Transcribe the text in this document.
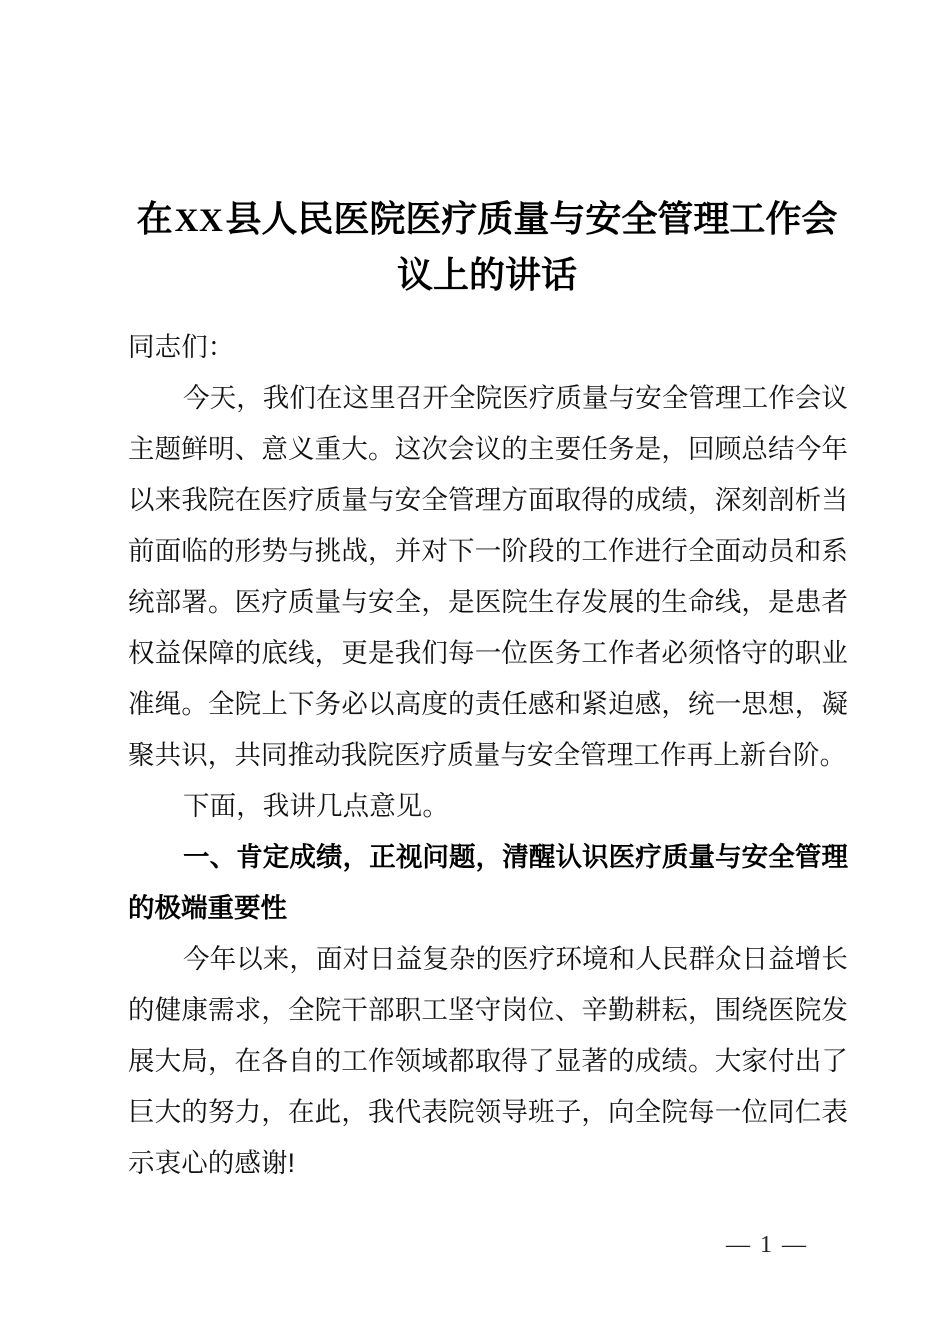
在XX县人民医院医疗质量与安全管理工作会议上的讲话

同志们：

今天，我们在这里召开全院医疗质量与安全管理工作会议主题鲜明、意义重大。这次会议的主要任务是，回顾总结今年以来我院在医疗质量与安全管理方面取得的成绩，深刻剖析当前面临的形势与挑战，并对下一阶段的工作进行全面动员和系统部署。医疗质量与安全，是医院生存发展的生命线，是患者权益保障的底线，更是我们每一位医务工作者必须恪守的职业准绳。全院上下务必以高度的责任感和紧迫感，统一思想，凝聚共识，共同推动我院医疗质量与安全管理工作再上新台阶。

下面，我讲几点意见。

一、肯定成绩，正视问题，清醒认识医疗质量与安全管理的极端重要性

今年以来，面对日益复杂的医疗环境和人民群众日益增长的健康需求，全院干部职工坚守岗位、辛勤耕耘，围绕医院发展大局，在各自的工作领域都取得了显著的成绩。大家付出了巨大的努力，在此，我代表院领导班子，向全院每一位同仁表示衷心的感谢!

— 1 —
